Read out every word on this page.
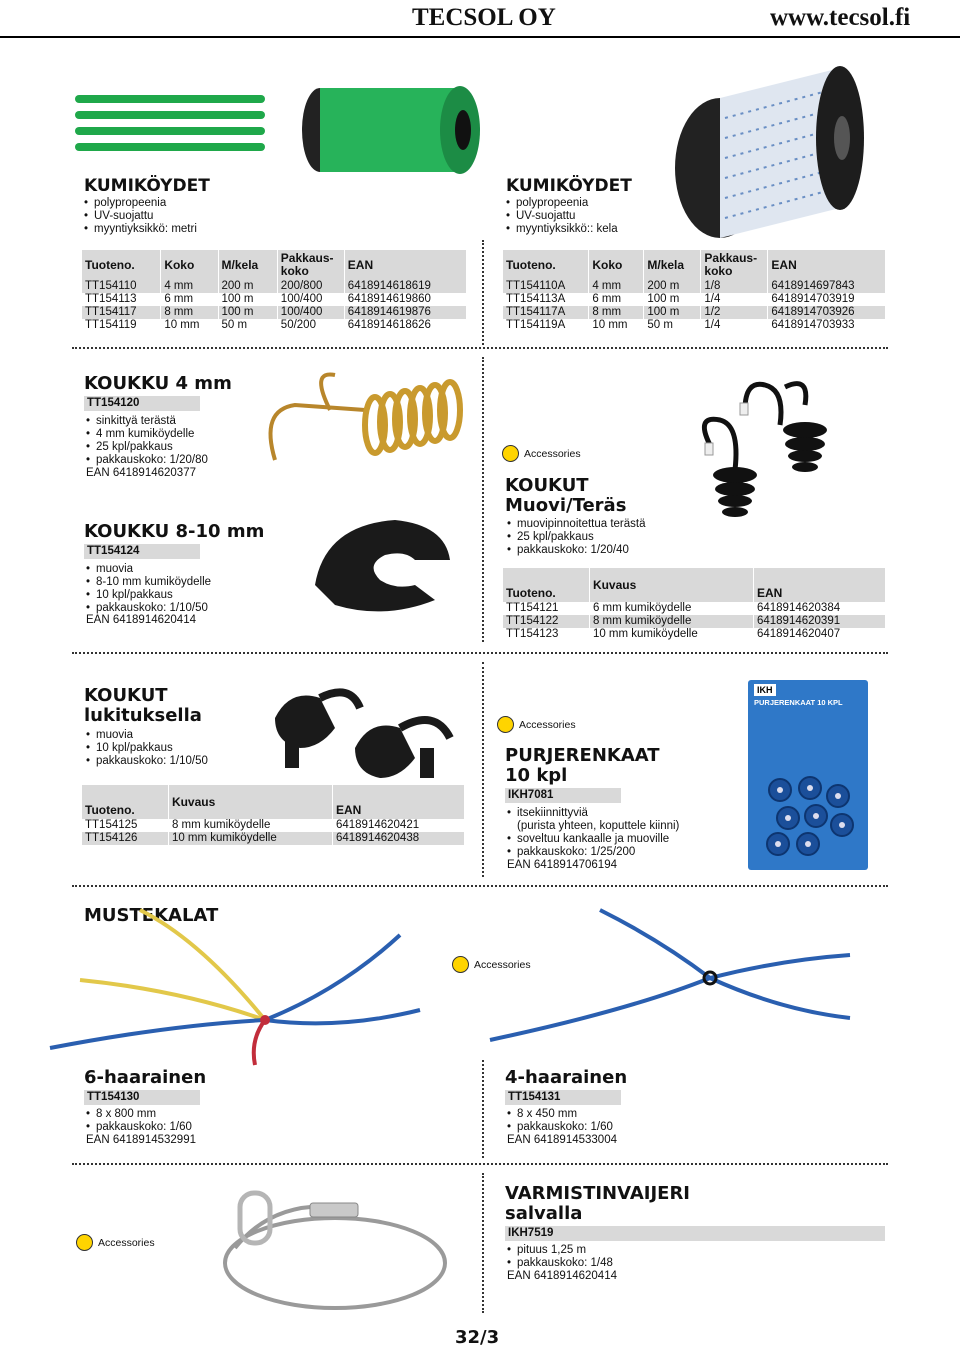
TECSOL OY	www.tecsol.fi
KUMIKÖYDET
• polypropeenia
• UV-suojattu
• myyntiyksikkö: metri
Tuoteno.	Koko	M/kela	Pakkaus-koko	EAN
TT154110	4 mm	200 m	200/800	6418914618619
TT154113	6 mm	100 m	100/400	6418914619860
TT154117	8 mm	100 m	100/400	6418914619876
TT154119	10 mm	50 m	50/200	6418914618626
KUMIKÖYDET
• polypropeenia
• UV-suojattu
• myyntiyksikkö:: kela
Tuoteno.	Koko	M/kela	Pakkaus-koko	EAN
TT154110A	4 mm	200 m	1/8	6418914697843
TT154113A	6 mm	100 m	1/4	6418914703919
TT154117A	8 mm	100 m	1/2	6418914703926
TT154119A	10 mm	50 m	1/4	6418914703933
KOUKKU 4 mm
TT154120
• sinkittyä terästä
• 4 mm kumiköydelle
• 25 kpl/pakkaus
• pakkauskoko: 1/20/80
EAN 6418914620377
KOUKKU 8-10 mm
TT154124
• muovia
• 8-10 mm kumiköydelle
• 10 kpl/pakkaus
• pakkauskoko: 1/10/50
EAN 6418914620414
Accessories
KOUKUT
Muovi/Teräs
• muovipinnoitettua terästä
• 25 kpl/pakkaus
• pakkauskoko: 1/20/40
Tuoteno.	Kuvaus	EAN
TT154121	6 mm kumiköydelle	6418914620384
TT154122	8 mm kumiköydelle	6418914620391
TT154123	10 mm kumiköydelle	6418914620407
KOUKUT
lukituksella
• muovia
• 10 kpl/pakkaus
• pakkauskoko: 1/10/50
Tuoteno.	Kuvaus	EAN
TT154125	8 mm kumiköydelle	6418914620421
TT154126	10 mm kumiköydelle	6418914620438
Accessories
PURJERENKAAT
10 kpl
IKH7081
• itsekiinnittyviä
(purista yhteen, koputtele kiinni)
• soveltuu kankaalle ja muoville
• pakkauskoko: 1/25/200
EAN 6418914706194
IKH
PURJERENKAAT 10 KPL
MUSTEKALAT
Accessories
6-haarainen
TT154130
• 8 x 800 mm
• pakkauskoko: 1/60
EAN 6418914532991
4-haarainen
TT154131
• 8 x 450 mm
• pakkauskoko: 1/60
EAN 6418914533004
Accessories
VARMISTINVAIJERI
salvalla
IKH7519
• pituus 1,25 m
• pakkauskoko: 1/48
EAN 6418914620414
32/3
